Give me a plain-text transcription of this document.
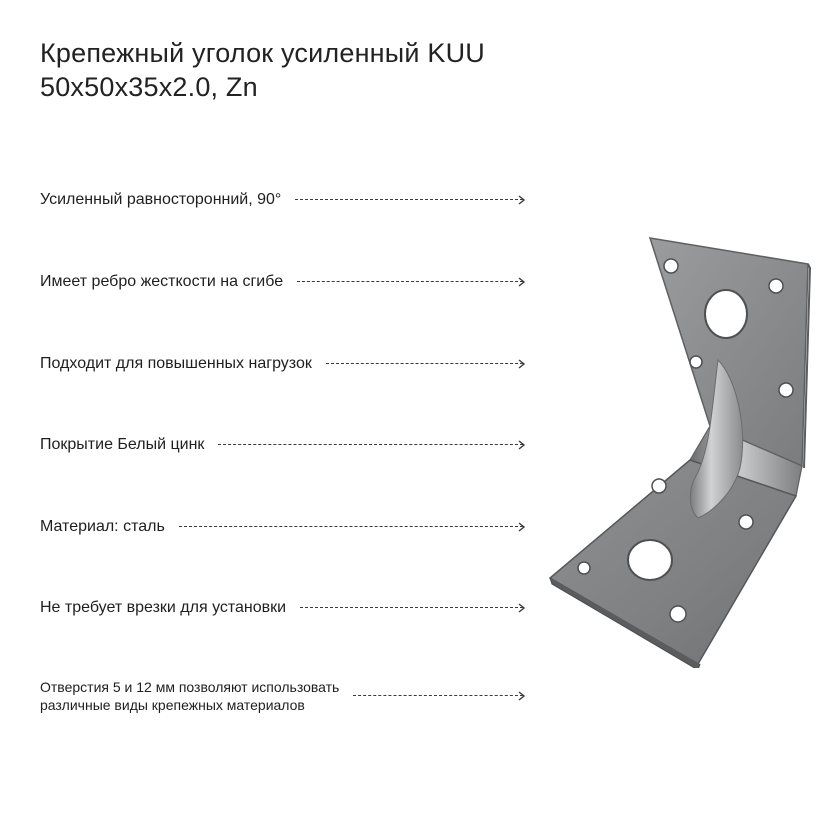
Крепежный уголок усиленный KUU
50x50x35x2.0, Zn
Усиленный равносторонний, 90°
Имеет ребро жесткости на сгибе
Подходит для повышенных нагрузок
Покрытие Белый цинк
Материал: сталь
Не требует врезки для установки
Отверстия 5 и 12 мм позволяют использовать
различные виды крепежных материалов
